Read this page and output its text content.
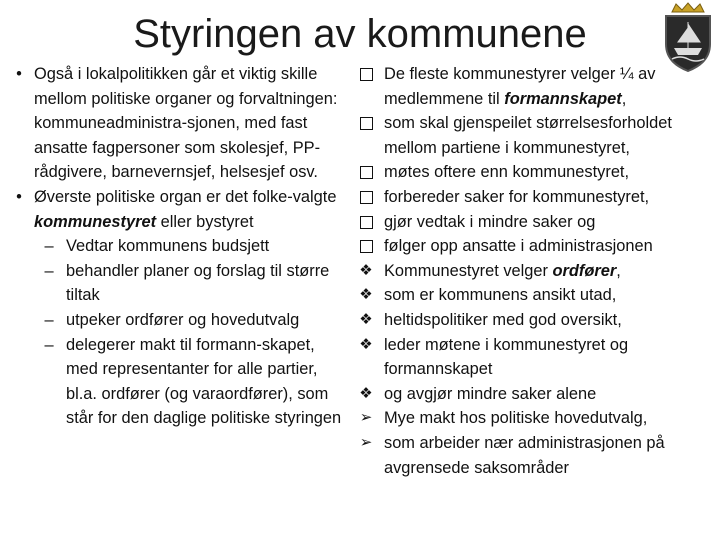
Styringen av kommunene
• Også i lokalpolitikken går et viktig skille mellom politiske organer og forvaltningen: kommuneadministra-sjonen, med fast ansatte fagpersoner som skolesjef, PP-rådgivere, barnevernsjef, helsesjef osv.
• Øverste politiske organ er det folke-valgte kommunestyret eller bystyret
– Vedtar kommunens budsjett
– behandler planer og forslag til større tiltak
– utpeker ordfører og hovedutvalg
– delegerer makt til formann-skapet, med representanter for alle partier, bl.a. ordfører (og varaordfører), som står for den daglige politiske styringen
De fleste kommunestyrer velger ¼ av medlemmene til formannskapet,
som skal gjenspeilet størrelsesforholdet mellom partiene i kommunestyret,
møtes oftere enn kommunestyret,
forbereder saker for kommunestyret,
gjør vedtak i mindre saker og
følger opp ansatte i administrasjonen
❖ Kommunestyret velger ordfører,
❖ som er kommunens ansikt utad,
❖ heltidspolitiker med god oversikt,
❖ leder møtene i kommunestyret og formannskapet
❖ og avgjør mindre saker alene
➢ Mye makt hos politiske hovedutvalg,
➢ som arbeider nær administrasjonen på avgrensede saksområder
